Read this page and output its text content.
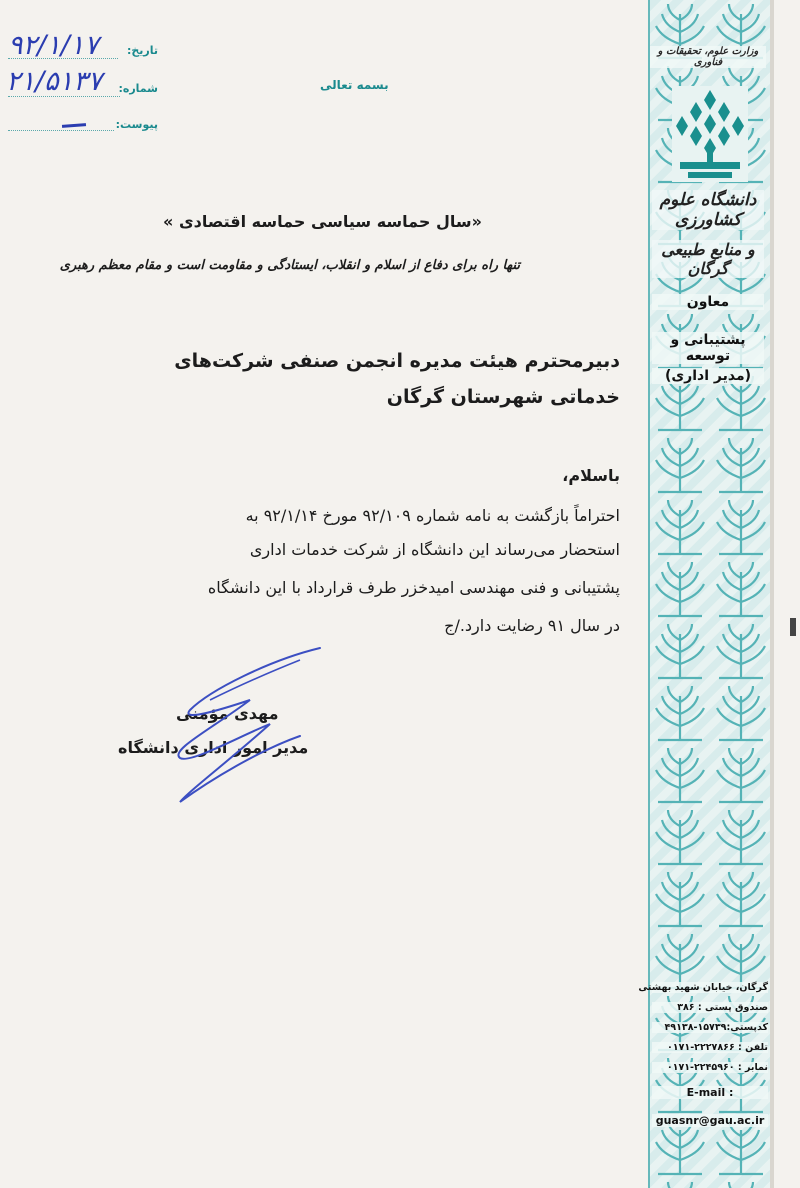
وزارت علوم، تحقیقات و فناوری
دانشگاه علوم کشاورزی
و منابع طبیعی گرگان
معاون
پشتیبانی و توسعه
(مدیر اداری)
گرگان، خیابان شهید بهشتی
صندوق پستی : ۳۸۶
کدپستی:۱۵۷۳۹-۴۹۱۳۸
تلفن : ۲۲۲۷۸۶۶-۰۱۷۱
نمابر : ۲۲۴۵۹۶۰-۰۱۷۱
E-mail :
guasnr@gau.ac.ir
تاریخ:
۹۲/۱/۱۷
شماره:
۲۱/۵۱۳۷
پیوست:
بسمه تعالی
«سال حماسه سیاسی حماسه اقتصادی »
تنها راه برای دفاع از اسلام و انقلاب، ایستادگی و مقاومت است و مقام معظم رهبری
دبیرمحترم هیئت مدیره انجمن صنفی شرکت‌های
خدماتی شهرستان گرگان
باسلام،
احتراماً بازگشت به نامه شماره ۹۲/۱۰۹ مورخ ۹۲/۱/۱۴ به
استحضار می‌رساند این دانشگاه از شرکت خدمات اداری
پشتیبانی و فنی مهندسی امیدخزر طرف قرارداد با این دانشگاه
در سال ۹۱ رضایت دارد./ج
مهدی مؤمنی
مدیر امور اداری دانشگاه
